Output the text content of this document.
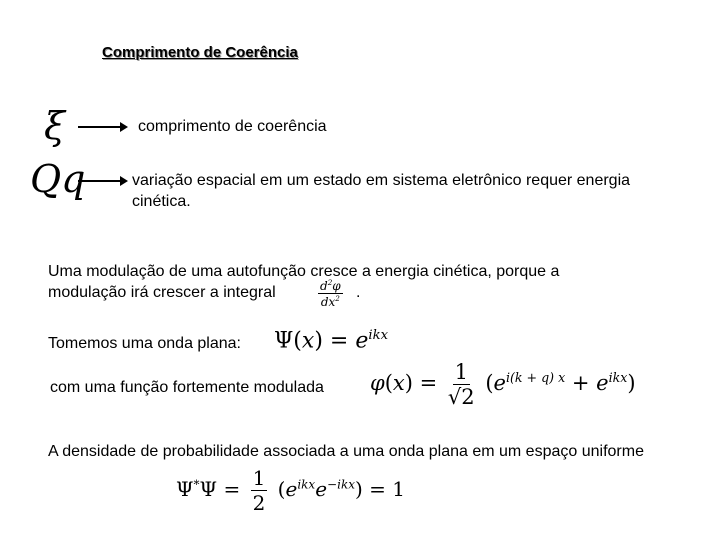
Comprimento de Coerência
ξ	comprimento de coerência
Qq	variação espacial em um estado em sistema eletrônico requer energia cinética.
Uma modulação de uma autofunção cresce a energia cinética, porque a modulação irá crescer a integral	$\frac{d^2\varphi}{dx^2}$ .
Tomemos uma onda plana: $\Psi(x) = e^{ikx}$
com uma função fortemente modulada $\varphi(x) = \frac{1}{√2} (e^{i(k + q) x} + e^{ikx})$
A densidade de probabilidade associada a uma onda plana em um espaço uniforme
$\Psi^*\Psi = \frac{1}{2} (e^{ikx}e^{-ikx}) = 1$
